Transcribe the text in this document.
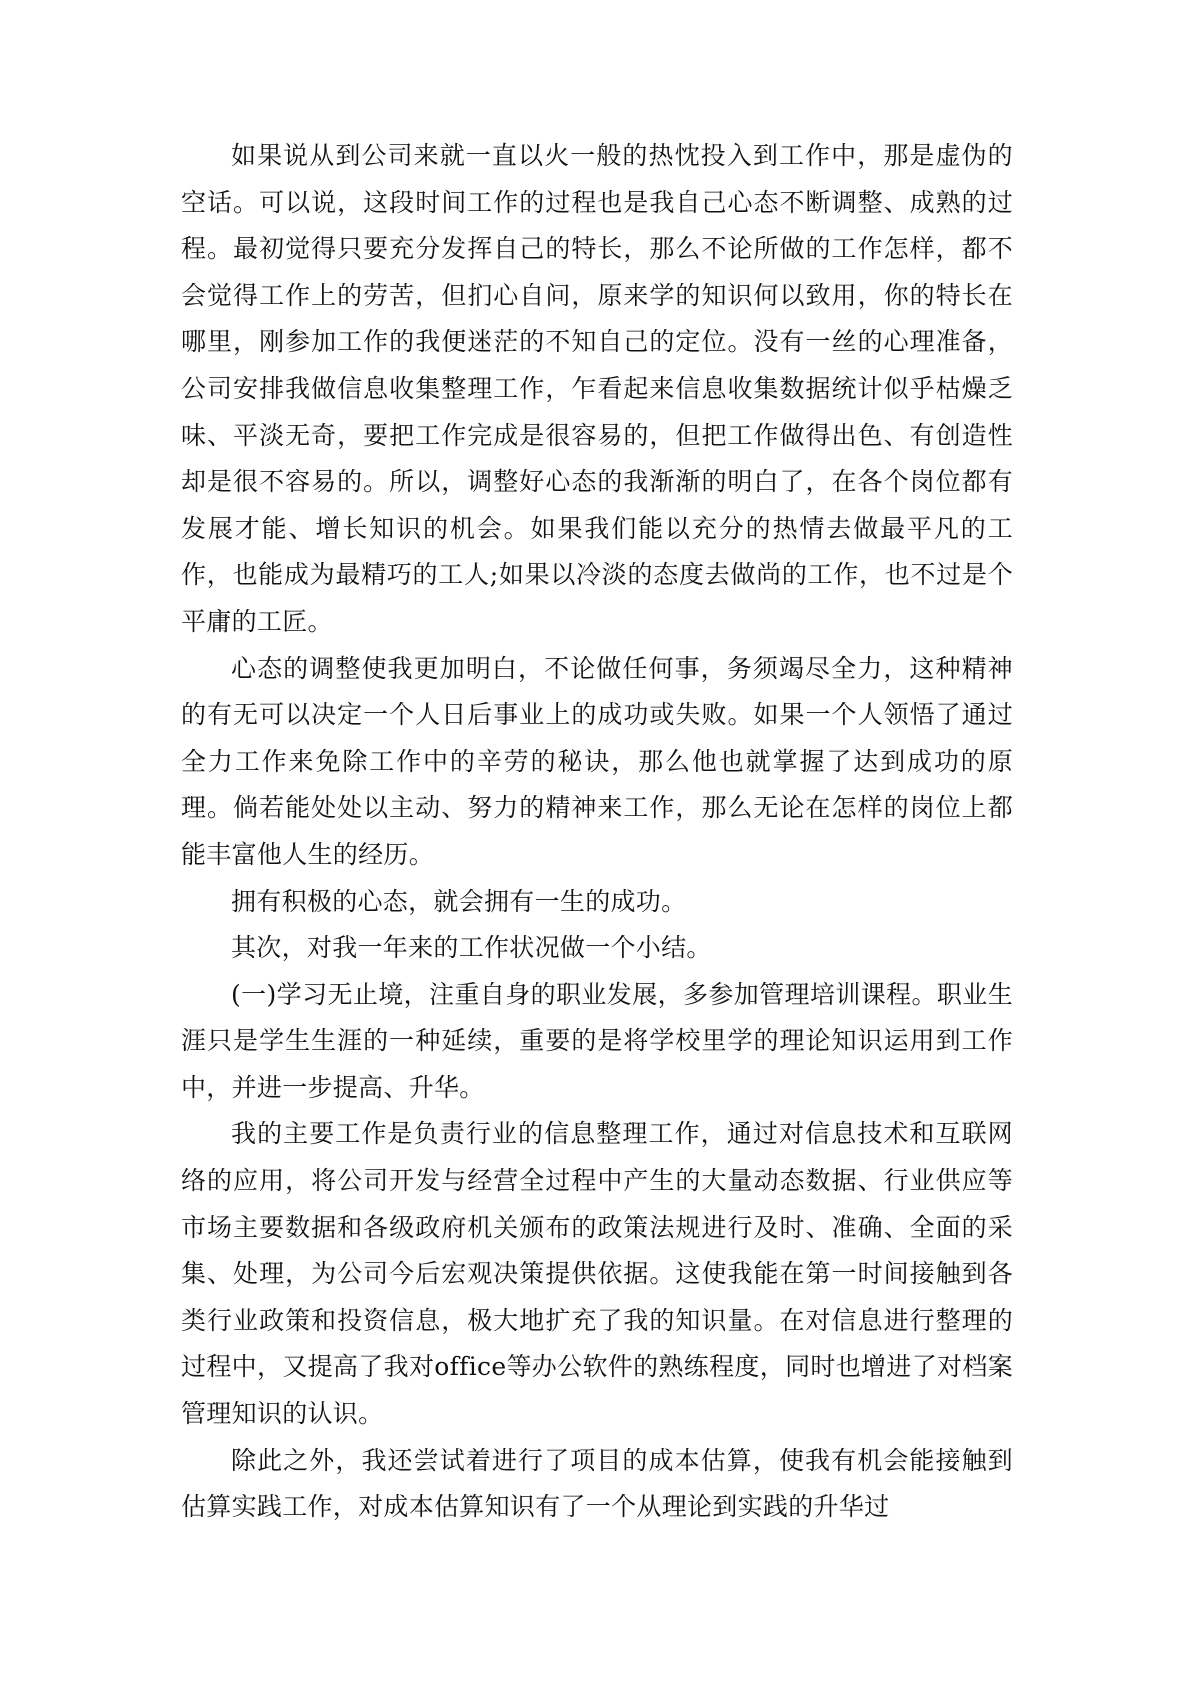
如果说从到公司来就一直以火一般的热忱投入到工作中，那是虚伪的空话。可以说，这段时间工作的过程也是我自己心态不断调整、成熟的过程。最初觉得只要充分发挥自己的特长，那么不论所做的工作怎样，都不会觉得工作上的劳苦，但扪心自问，原来学的知识何以致用，你的特长在哪里，刚参加工作的我便迷茫的不知自己的定位。没有一丝的心理准备，公司安排我做信息收集整理工作，乍看起来信息收集数据统计似乎枯燥乏味、平淡无奇，要把工作完成是很容易的，但把工作做得出色、有创造性却是很不容易的。所以，调整好心态的我渐渐的明白了，在各个岗位都有发展才能、增长知识的机会。如果我们能以充分的热情去做最平凡的工作，也能成为最精巧的工人;如果以冷淡的态度去做尚的工作，也不过是个平庸的工匠。

心态的调整使我更加明白，不论做任何事，务须竭尽全力，这种精神的有无可以决定一个人日后事业上的成功或失败。如果一个人领悟了通过全力工作来免除工作中的辛劳的秘诀，那么他也就掌握了达到成功的原理。倘若能处处以主动、努力的精神来工作，那么无论在怎样的岗位上都能丰富他人生的经历。

拥有积极的心态，就会拥有一生的成功。

其次，对我一年来的工作状况做一个小结。

(一)学习无止境，注重自身的职业发展，多参加管理培训课程。职业生涯只是学生生涯的一种延续，重要的是将学校里学的理论知识运用到工作中，并进一步提高、升华。

我的主要工作是负责行业的信息整理工作，通过对信息技术和互联网络的应用，将公司开发与经营全过程中产生的大量动态数据、行业供应等市场主要数据和各级政府机关颁布的政策法规进行及时、准确、全面的采集、处理，为公司今后宏观决策提供依据。这使我能在第一时间接触到各类行业政策和投资信息，极大地扩充了我的知识量。在对信息进行整理的过程中，又提高了我对office等办公软件的熟练程度，同时也增进了对档案管理知识的认识。

除此之外，我还尝试着进行了项目的成本估算，使我有机会能接触到估算实践工作，对成本估算知识有了一个从理论到实践的升华过
